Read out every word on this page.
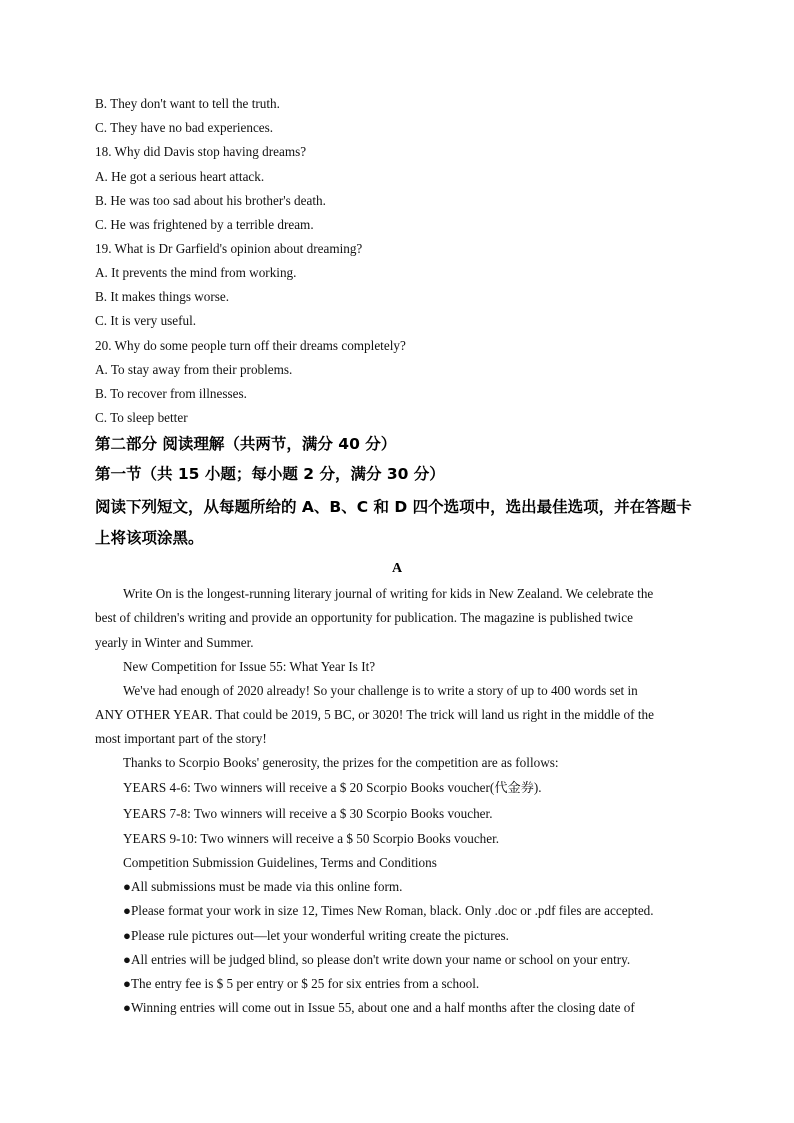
B. They don't want to tell the truth.
C. They have no bad experiences.
18. Why did Davis stop having dreams?
A. He got a serious heart attack.
B. He was too sad about his brother's death.
C. He was frightened by a terrible dream.
19. What is Dr Garfield's opinion about dreaming?
A. It prevents the mind from working.
B. It makes things worse.
C. It is very useful.
20. Why do some people turn off their dreams completely?
A. To stay away from their problems.
B. To recover from illnesses.
C. To sleep better
第二部分 阅读理解（共两节，满分 40 分）
第一节（共 15 小题；每小题 2 分，满分 30 分）
阅读下列短文，从每题所给的 A、B、C 和 D 四个选项中，选出最佳选项，并在答题卡
上将该项涂黑。
A
Write On is the longest-running literary journal of writing for kids in New Zealand. We celebrate the
best of children's writing and provide an opportunity for publication. The magazine is published twice
yearly in Winter and Summer.
New Competition for Issue 55: What Year Is It?
We've had enough of 2020 already! So your challenge is to write a story of up to 400 words set in
ANY OTHER YEAR. That could be 2019, 5 BC, or 3020! The trick will land us right in the middle of the
most important part of the story!
Thanks to Scorpio Books' generosity, the prizes for the competition are as follows:
YEARS 4-6: Two winners will receive a $ 20 Scorpio Books voucher(代金券).
YEARS 7-8: Two winners will receive a $ 30 Scorpio Books voucher.
YEARS 9-10: Two winners will receive a $ 50 Scorpio Books voucher.
Competition Submission Guidelines, Terms and Conditions
●All submissions must be made via this online form.
●Please format your work in size 12, Times New Roman, black. Only .doc or .pdf files are accepted.
●Please rule pictures out—let your wonderful writing create the pictures.
●All entries will be judged blind, so please don't write down your name or school on your entry.
●The entry fee is $ 5 per entry or $ 25 for six entries from a school.
●Winning entries will come out in Issue 55, about one and a half months after the closing date of
